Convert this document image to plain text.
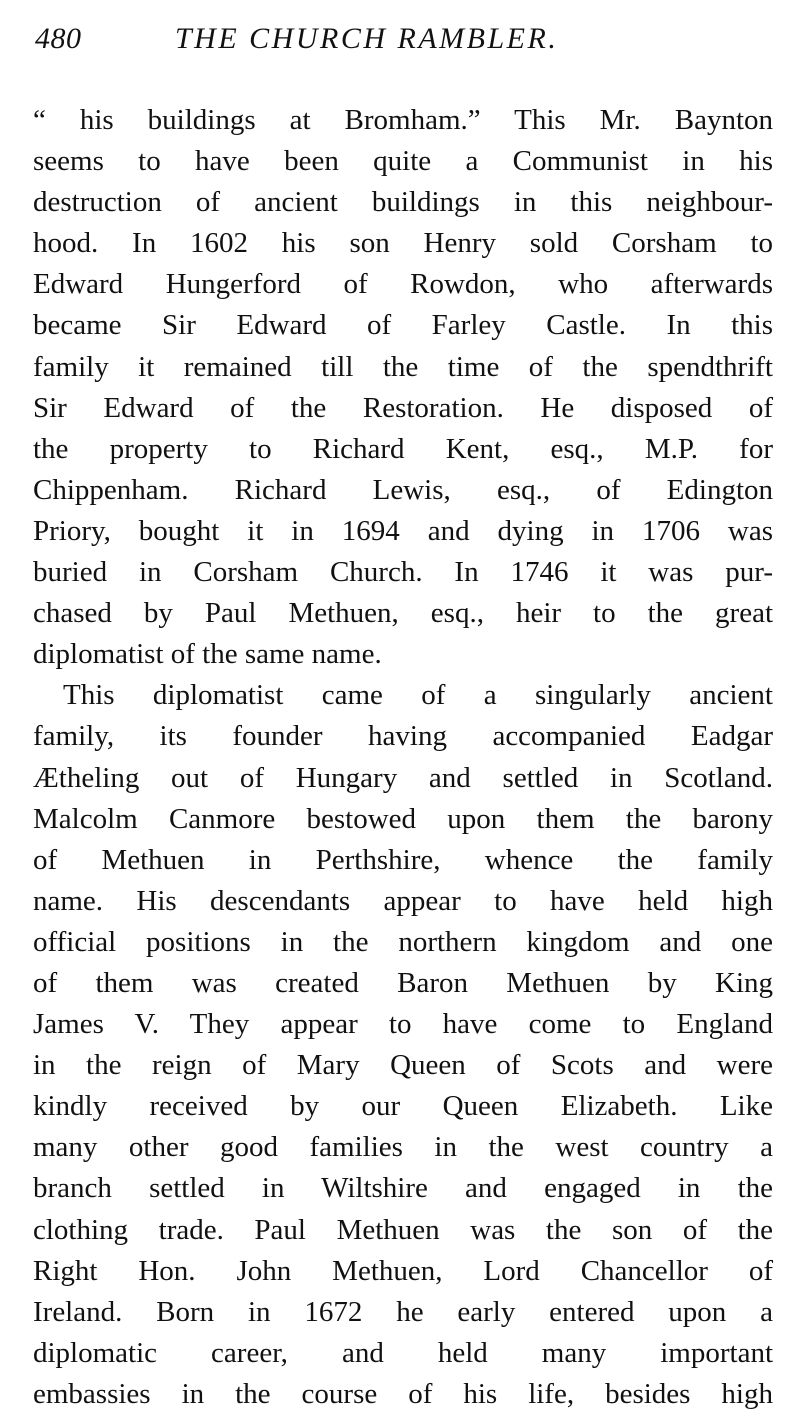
480	THE CHURCH RAMBLER.
“ his buildings at Bromham.” This Mr. Baynton
seems to have been quite a Communist in his
destruction of ancient buildings in this neighbour-
hood. In 1602 his son Henry sold Corsham to
Edward Hungerford of Rowdon, who afterwards
became Sir Edward of Farley Castle. In this
family it remained till the time of the spendthrift
Sir Edward of the Restoration. He disposed of
the property to Richard Kent, esq., M.P. for
Chippenham. Richard Lewis, esq., of Edington
Priory, bought it in 1694 and dying in 1706 was
buried in Corsham Church. In 1746 it was pur-
chased by Paul Methuen, esq., heir to the great
diplomatist of the same name.
This diplomatist came of a singularly ancient
family, its founder having accompanied Eadgar
Ætheling out of Hungary and settled in Scotland.
Malcolm Canmore bestowed upon them the barony
of Methuen in Perthshire, whence the family
name. His descendants appear to have held high
official positions in the northern kingdom and one
of them was created Baron Methuen by King
James V. They appear to have come to England
in the reign of Mary Queen of Scots and were
kindly received by our Queen Elizabeth. Like
many other good families in the west country a
branch settled in Wiltshire and engaged in the
clothing trade. Paul Methuen was the son of the
Right Hon. John Methuen, Lord Chancellor of
Ireland. Born in 1672 he early entered upon a
diplomatic career, and held many important
embassies in the course of his life, besides high
